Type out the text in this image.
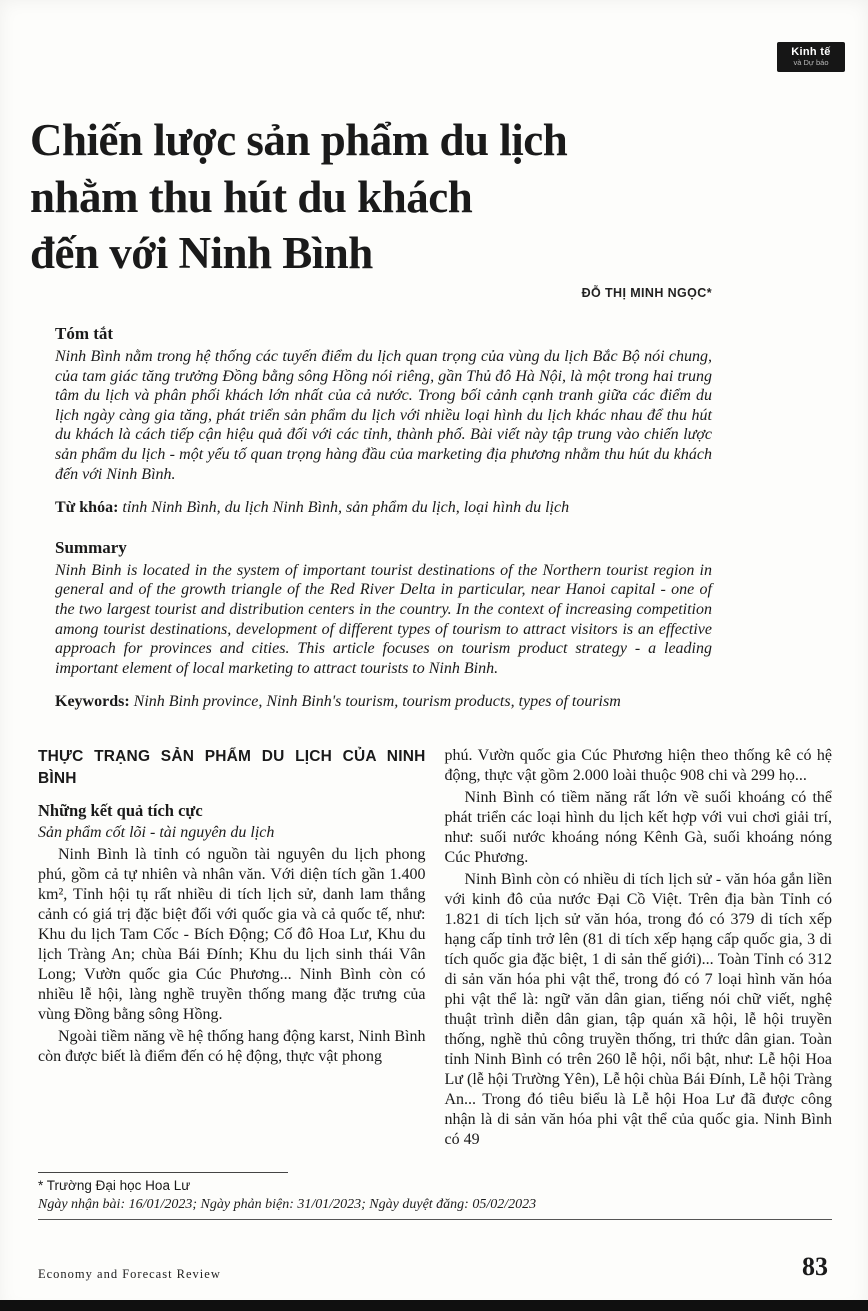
Kinh tế
và Dự báo
Chiến lược sản phẩm du lịch
nhằm thu hút du khách
đến với Ninh Bình
ĐỖ THỊ MINH NGỌC*
Tóm tắt

Ninh Bình nằm trong hệ thống các tuyến điểm du lịch quan trọng của vùng du lịch Bắc Bộ nói chung, của tam giác tăng trưởng Đồng bằng sông Hồng nói riêng, gần Thủ đô Hà Nội, là một trong hai trung tâm du lịch và phân phối khách lớn nhất của cả nước. Trong bối cảnh cạnh tranh giữa các điểm du lịch ngày càng gia tăng, phát triển sản phẩm du lịch với nhiều loại hình du lịch khác nhau để thu hút du khách là cách tiếp cận hiệu quả đối với các tỉnh, thành phố. Bài viết này tập trung vào chiến lược sản phẩm du lịch - một yếu tố quan trọng hàng đầu của marketing địa phương nhằm thu hút du khách đến với Ninh Bình.

Từ khóa: tỉnh Ninh Bình, du lịch Ninh Bình, sản phẩm du lịch, loại hình du lịch

Summary

Ninh Binh is located in the system of important tourist destinations of the Northern tourist region in general and of the growth triangle of the Red River Delta in particular, near Hanoi capital - one of the two largest tourist and distribution centers in the country. In the context of increasing competition among tourist destinations, development of different types of tourism to attract visitors is an effective approach for provinces and cities. This article focuses on tourism product strategy - a leading important element of local marketing to attract tourists to Ninh Binh.

Keywords: Ninh Binh province, Ninh Binh's tourism, tourism products, types of tourism

THỰC TRẠNG SẢN PHẨM DU LỊCH CỦA NINH BÌNH
Những kết quả tích cực
Sản phẩm cốt lõi - tài nguyên du lịch

Ninh Bình là tỉnh có nguồn tài nguyên du lịch phong phú, gồm cả tự nhiên và nhân văn. Với diện tích gần 1.400 km², Tỉnh hội tụ rất nhiều di tích lịch sử, danh lam thắng cảnh có giá trị đặc biệt đối với quốc gia và cả quốc tế, như: Khu du lịch Tam Cốc - Bích Động; Cố đô Hoa Lư, Khu du lịch Tràng An; chùa Bái Đính; Khu du lịch sinh thái Vân Long; Vườn quốc gia Cúc Phương... Ninh Bình còn có nhiều lễ hội, làng nghề truyền thống mang đặc trưng của vùng Đồng bằng sông Hồng.

Ngoài tiềm năng về hệ thống hang động karst, Ninh Bình còn được biết là điểm đến có hệ động, thực vật phong

phú. Vườn quốc gia Cúc Phương hiện theo thống kê có hệ động, thực vật gồm 2.000 loài thuộc 908 chi và 299 họ...

Ninh Bình có tiềm năng rất lớn về suối khoáng có thể phát triển các loại hình du lịch kết hợp với vui chơi giải trí, như: suối nước khoáng nóng Kênh Gà, suối khoáng nóng Cúc Phương.

Ninh Bình còn có nhiều di tích lịch sử - văn hóa gắn liền với kinh đô của nước Đại Cồ Việt. Trên địa bàn Tỉnh có 1.821 di tích lịch sử văn hóa, trong đó có 379 di tích xếp hạng cấp tỉnh trở lên (81 di tích xếp hạng cấp quốc gia, 3 di tích quốc gia đặc biệt, 1 di sản thế giới)... Toàn Tỉnh có 312 di sản văn hóa phi vật thể, trong đó có 7 loại hình văn hóa phi vật thể là: ngữ văn dân gian, tiếng nói chữ viết, nghệ thuật trình diễn dân gian, tập quán xã hội, lễ hội truyền thống, nghề thủ công truyền thống, tri thức dân gian. Toàn tỉnh Ninh Bình có trên 260 lễ hội, nổi bật, như: Lễ hội Hoa Lư (lễ hội Trường Yên), Lễ hội chùa Bái Đính, Lễ hội Tràng An... Trong đó tiêu biểu là Lễ hội Hoa Lư đã được công nhận là di sản văn hóa phi vật thể của quốc gia. Ninh Bình có 49

* Trường Đại học Hoa Lư
Ngày nhận bài: 16/01/2023; Ngày phản biện: 31/01/2023; Ngày duyệt đăng: 05/02/2023
Economy and Forecast Review	83
